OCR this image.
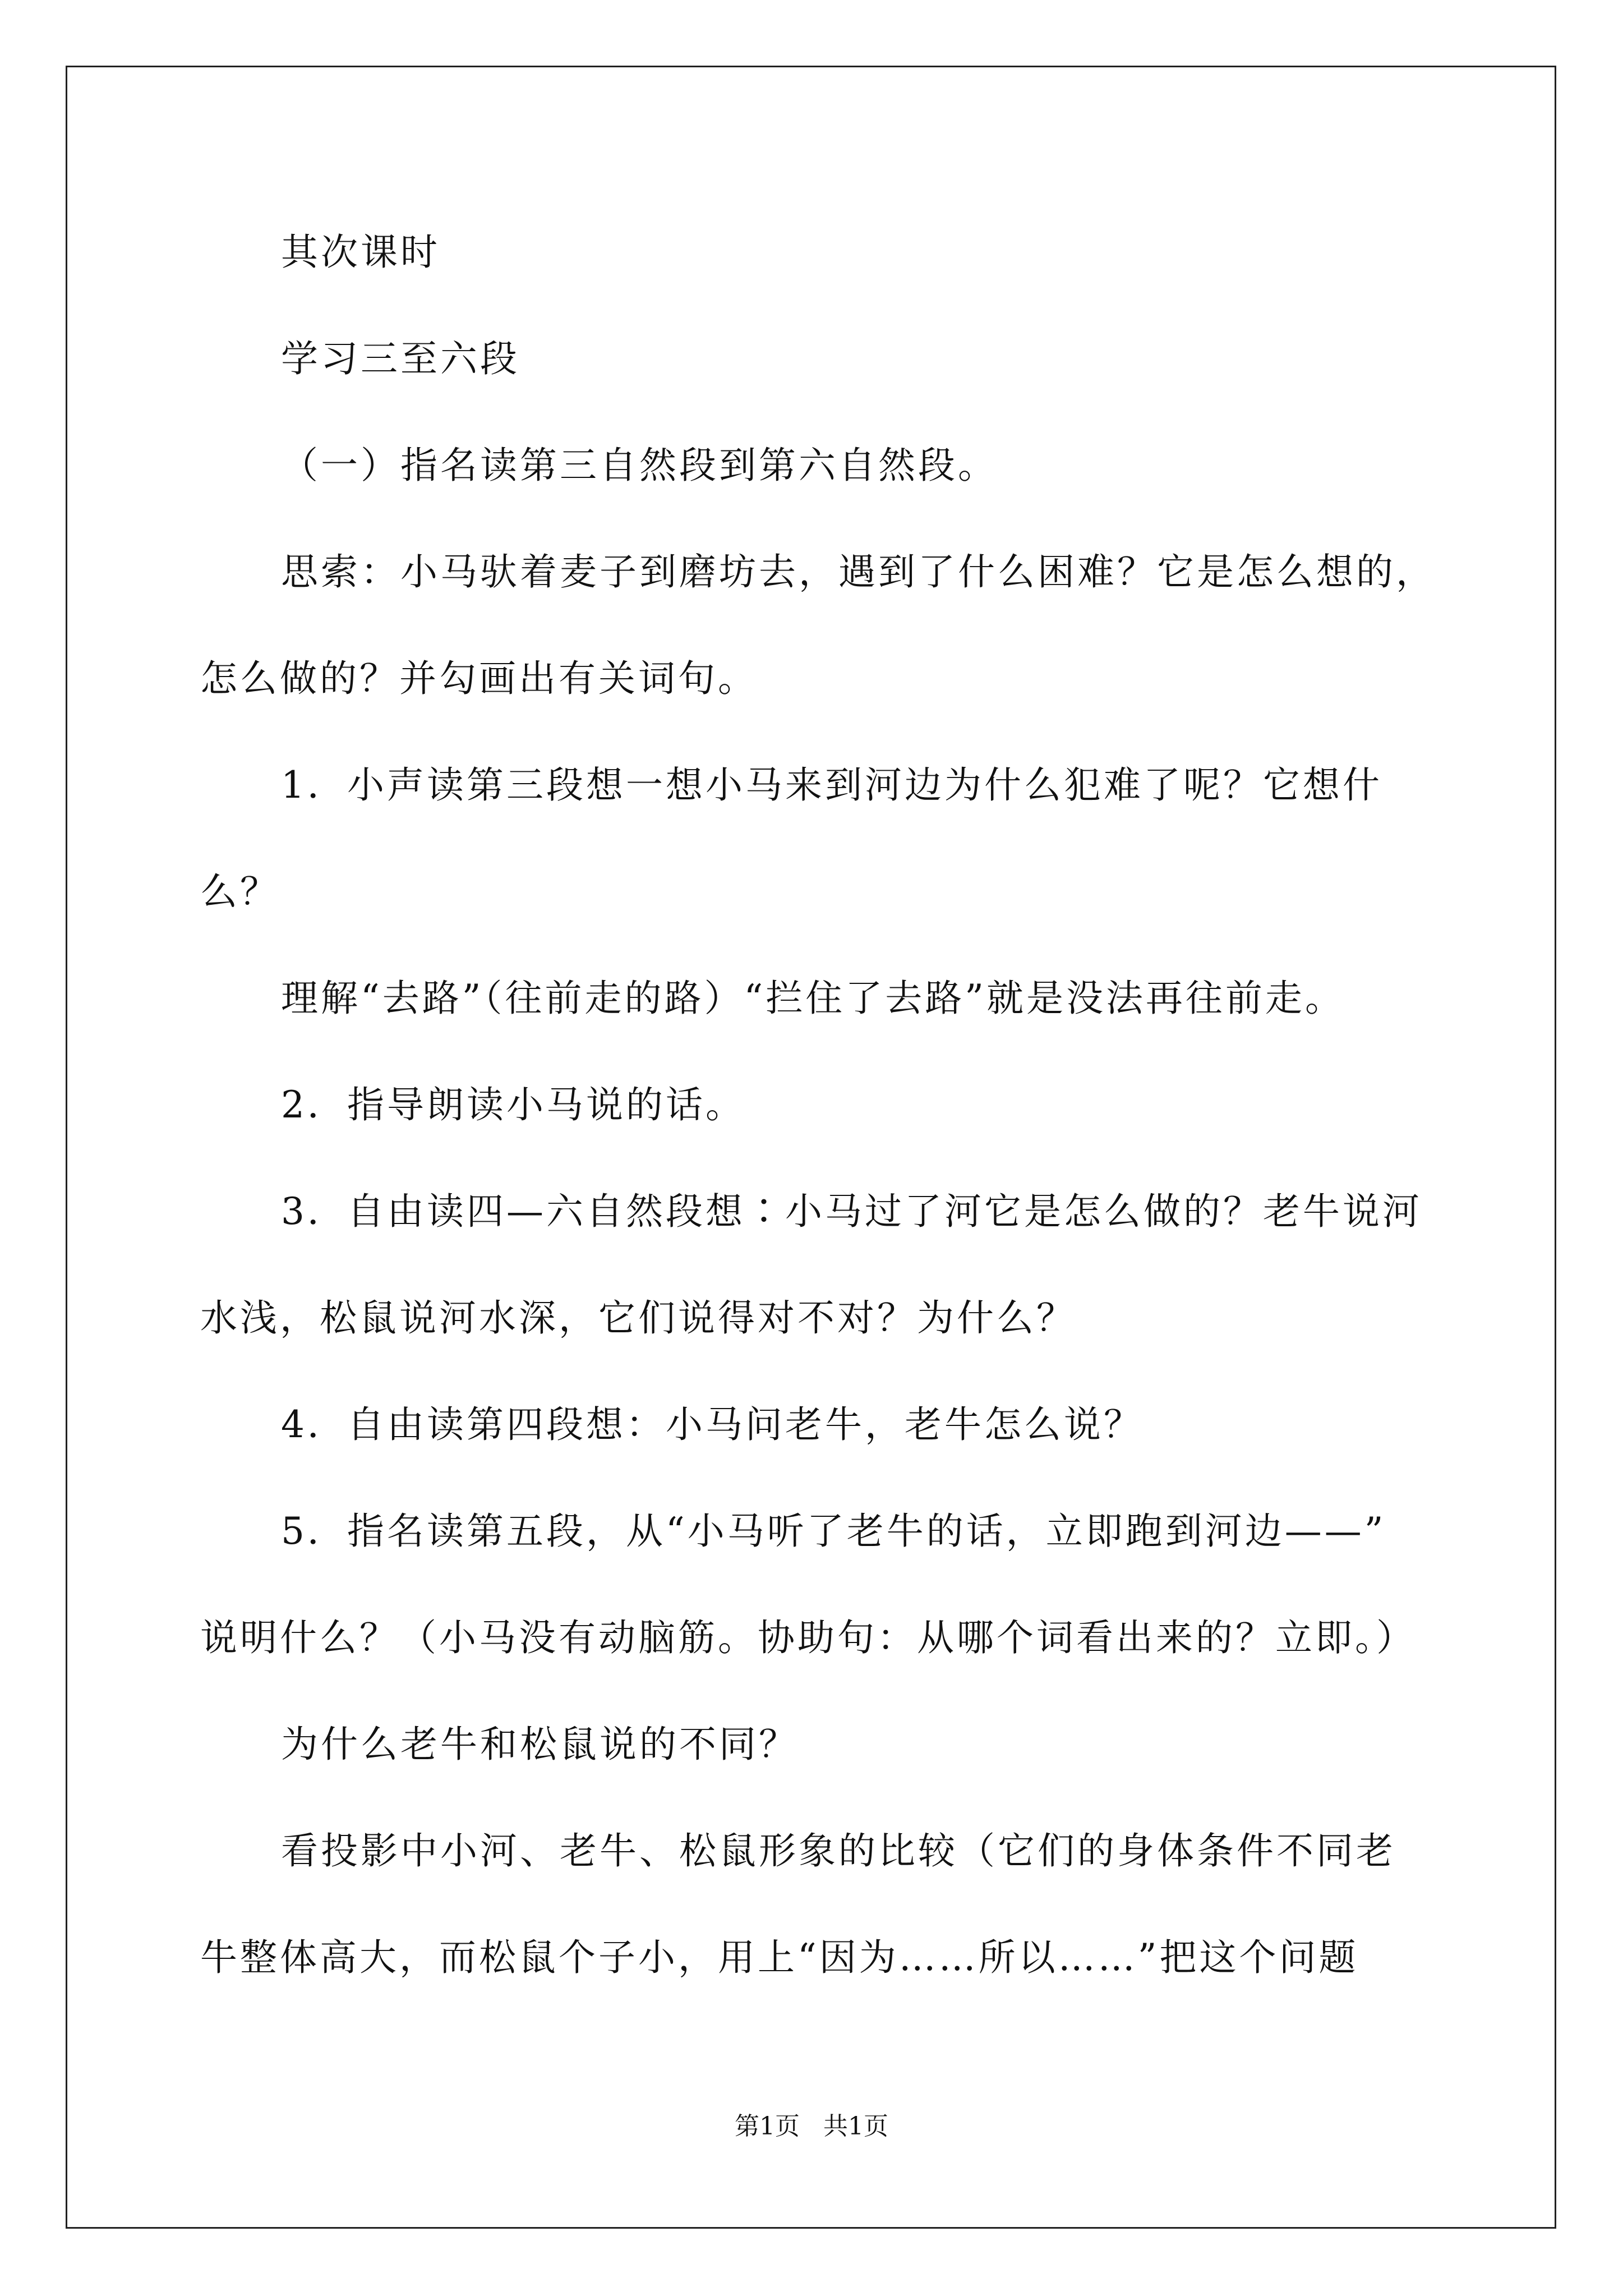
其次课时
学习三至六段
（一）指名读第三自然段到第六自然段。
思索：小马驮着麦子到磨坊去，遇到了什么困难？它是怎么想的，
怎么做的？并勾画出有关词句。
1．小声读第三段想一想小马来到河边为什么犯难了呢？它想什
么？
理解“去路”（往前走的路）“拦住了去路”就是没法再往前走。
2．指导朗读小马说的话。
3．自由读四—六自然段想∶小马过了河它是怎么做的？老牛说河
水浅，松鼠说河水深，它们说得对不对？为什么？
4．自由读第四段想：小马问老牛，老牛怎么说？
5．指名读第五段，从“小马听了老牛的话，立即跑到河边——”
说明什么？（小马没有动脑筋。协助句：从哪个词看出来的？立即。）
为什么老牛和松鼠说的不同？
看投影中小河、老牛、松鼠形象的比较（它们的身体条件不同老
牛整体高大，而松鼠个子小，用上“因为……所以……”把这个问题
第1页   共1页
